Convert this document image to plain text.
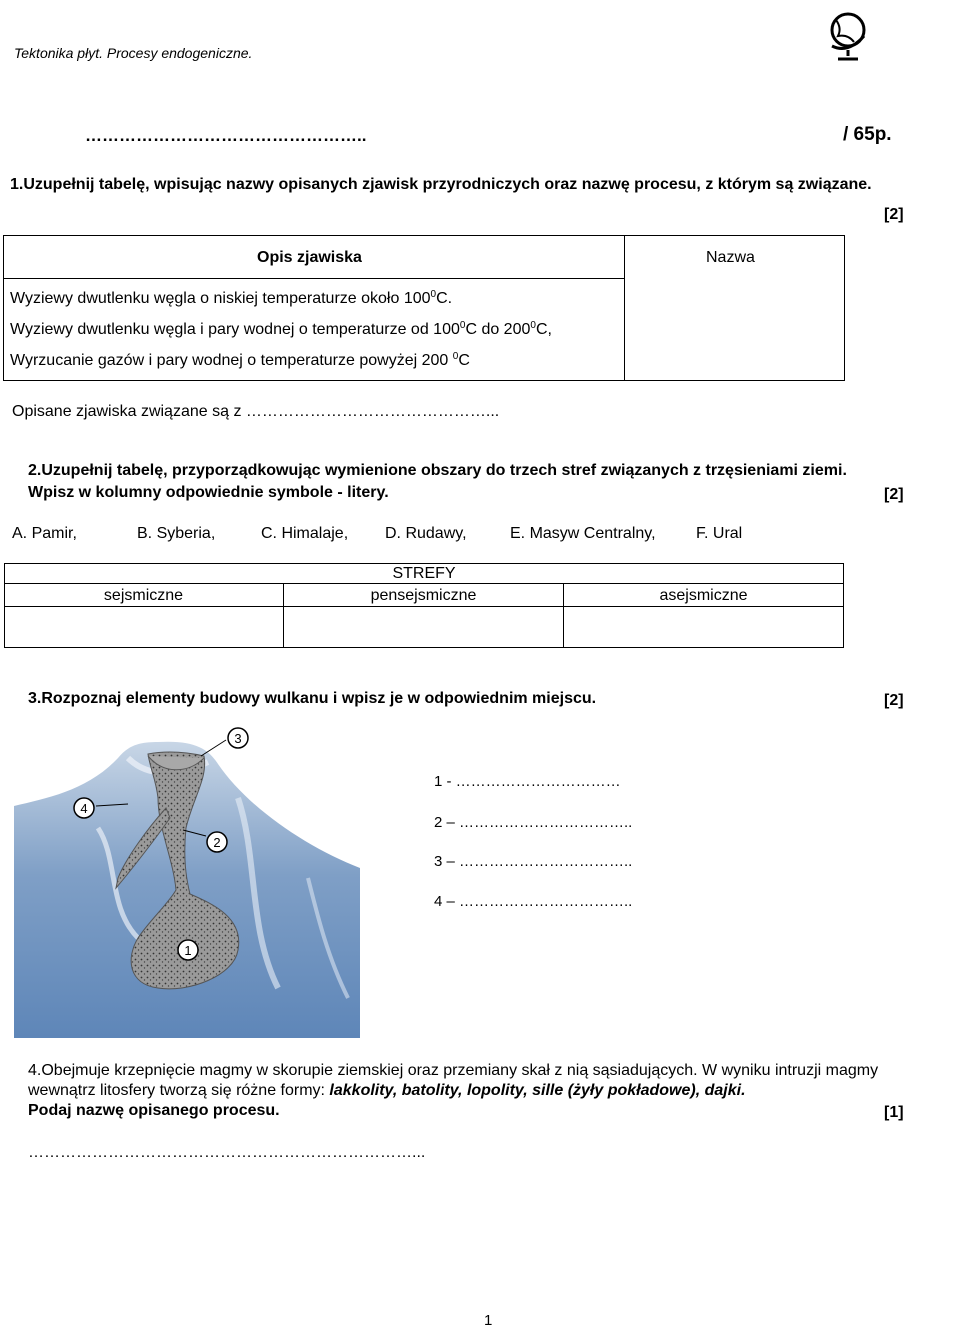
Tektonika płyt. Procesy endogeniczne.
…………………………………………..	/ 65p.
1.Uzupełnij tabelę, wpisując nazwy opisanych zjawisk przyrodniczych oraz nazwę procesu, z którym są związane.
[2]
Opis zjawiska	Nazwa
Wyziewy dwutlenku węgla o niskiej temperaturze około $100^0C$.
Wyziewy dwutlenku węgla i pary wodnej o temperaturze od $100^0C$ do $200^0C$,
Wyrzucanie gazów i pary wodnej o temperaturze powyżej 200 $^0$C
Opisane zjawiska związane są z ………………………………………...
2.Uzupełnij tabelę, przyporządkowując wymienione obszary do trzech stref związanych z trzęsieniami ziemi.
Wpisz w kolumny odpowiednie symbole - litery.	[2]
A. Pamir,	B. Syberia,	C. Himalaje, D. Rudawy,	E. Masyw Centralny,	F. Ural
STREFY
sejsmiczne	pensejsmiczne	asejsmiczne
3.Rozpoznaj elementy budowy wulkanu i wpisz je w odpowiednim miejscu.	[2]
3
4
2
1
1 - ……………………………
2 – ……………………………..
3 – ……………………………..
4 – ……………………………..
4.Obejmuje krzepnięcie magmy w skorupie ziemskiej oraz przemiany skał z nią sąsiadujących. W wyniku intruzji magmy
wewnątrz litosfery tworzą się różne formy: lakkolity, batolity, lopolity, sille (żyły pokładowe), dajki.
Podaj nazwę opisanego procesu.	[1]
………………………………………………………………...
1
